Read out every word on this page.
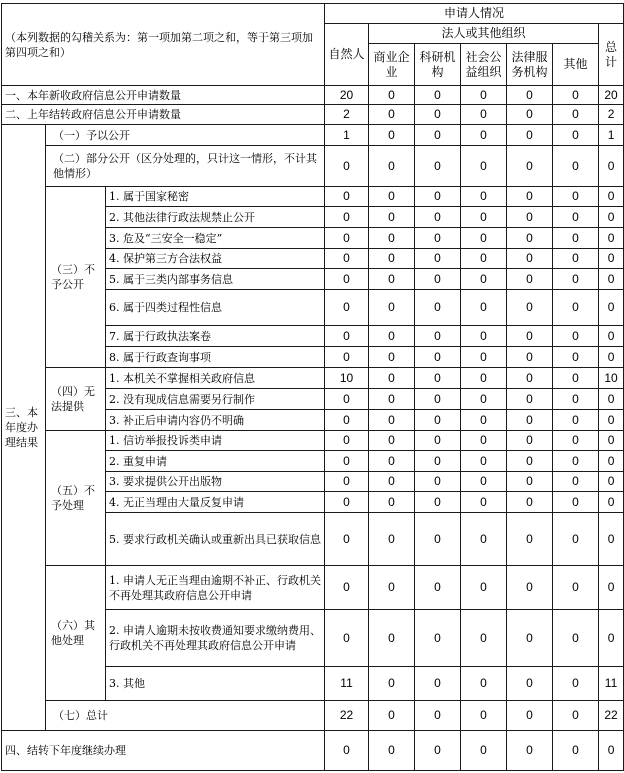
（本列数据的勾稽关系为：第一项加第二项之和，等于第三项加第四项之和）			申请人情况						
			自然人	法人或其他组织					总计
				商业企业	科研机构	社会公益组织	法律服务机构	其他	
一、本年新收政府信息公开申请数量			20	0	0	0	0	0	20
二、上年结转政府信息公开申请数量			2	0	0	0	0	0	2
三、本年度办理结果	（一）予以公开		1	0	0	0	0	0	1
	（二）部分公开（区分处理的，只计这一情形，不计其他情形）		0	0	0	0	0	0	0
	（三）不予公开	1. 属于国家秘密	0	0	0	0	0	0	0
		2. 其他法律行政法规禁止公开	0	0	0	0	0	0	0
		3. 危及“三安全一稳定”	0	0	0	0	0	0	0
		4. 保护第三方合法权益	0	0	0	0	0	0	0
		5. 属于三类内部事务信息	0	0	0	0	0	0	0
		6. 属于四类过程性信息	0	0	0	0	0	0	0
		7. 属于行政执法案卷	0	0	0	0	0	0	0
		8. 属于行政查询事项	0	0	0	0	0	0	0
	（四）无法提供	1. 本机关不掌握相关政府信息	10	0	0	0	0	0	10
		2. 没有现成信息需要另行制作	0	0	0	0	0	0	0
		3. 补正后申请内容仍不明确	0	0	0	0	0	0	0
	（五）不予处理	1. 信访举报投诉类申请	0	0	0	0	0	0	0
		2. 重复申请	0	0	0	0	0	0	0
		3. 要求提供公开出版物	0	0	0	0	0	0	0
		4. 无正当理由大量反复申请	0	0	0	0	0	0	0
		5. 要求行政机关确认或重新出具已获取信息	0	0	0	0	0	0	0
	（六）其他处理	1. 申请人无正当理由逾期不补正、行政机关不再处理其政府信息公开申请	0	0	0	0	0	0	0
		2. 申请人逾期未按收费通知要求缴纳费用、行政机关不再处理其政府信息公开申请	0	0	0	0	0	0	0
		3. 其他	11	0	0	0	0	0	11
	（七）总计		22	0	0	0	0	0	22
四、结转下年度继续办理			0	0	0	0	0	0	0
